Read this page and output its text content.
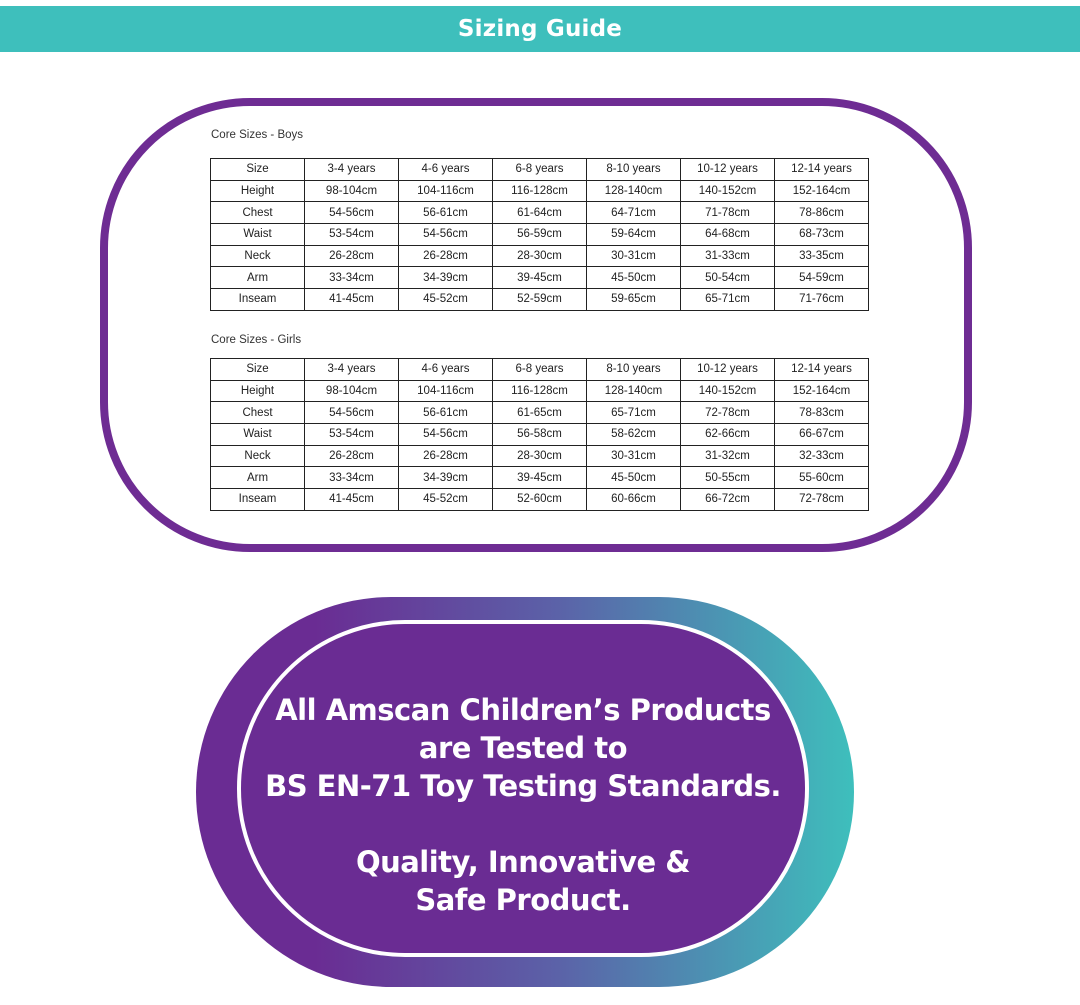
Sizing Guide
Core Sizes - Boys
Size	3-4 years	4-6 years	6-8 years	8-10 years	10-12 years	12-14 years
Height	98-104cm	104-116cm	116-128cm	128-140cm	140-152cm	152-164cm
Chest	54-56cm	56-61cm	61-64cm	64-71cm	71-78cm	78-86cm
Waist	53-54cm	54-56cm	56-59cm	59-64cm	64-68cm	68-73cm
Neck	26-28cm	26-28cm	28-30cm	30-31cm	31-33cm	33-35cm
Arm	33-34cm	34-39cm	39-45cm	45-50cm	50-54cm	54-59cm
Inseam	41-45cm	45-52cm	52-59cm	59-65cm	65-71cm	71-76cm
Core Sizes - Girls
Size	3-4 years	4-6 years	6-8 years	8-10 years	10-12 years	12-14 years
Height	98-104cm	104-116cm	116-128cm	128-140cm	140-152cm	152-164cm
Chest	54-56cm	56-61cm	61-65cm	65-71cm	72-78cm	78-83cm
Waist	53-54cm	54-56cm	56-58cm	58-62cm	62-66cm	66-67cm
Neck	26-28cm	26-28cm	28-30cm	30-31cm	31-32cm	32-33cm
Arm	33-34cm	34-39cm	39-45cm	45-50cm	50-55cm	55-60cm
Inseam	41-45cm	45-52cm	52-60cm	60-66cm	66-72cm	72-78cm
All Amscan Children’s Products
are Tested to
BS EN-71 Toy Testing Standards.
Quality, Innovative &
Safe Product.
